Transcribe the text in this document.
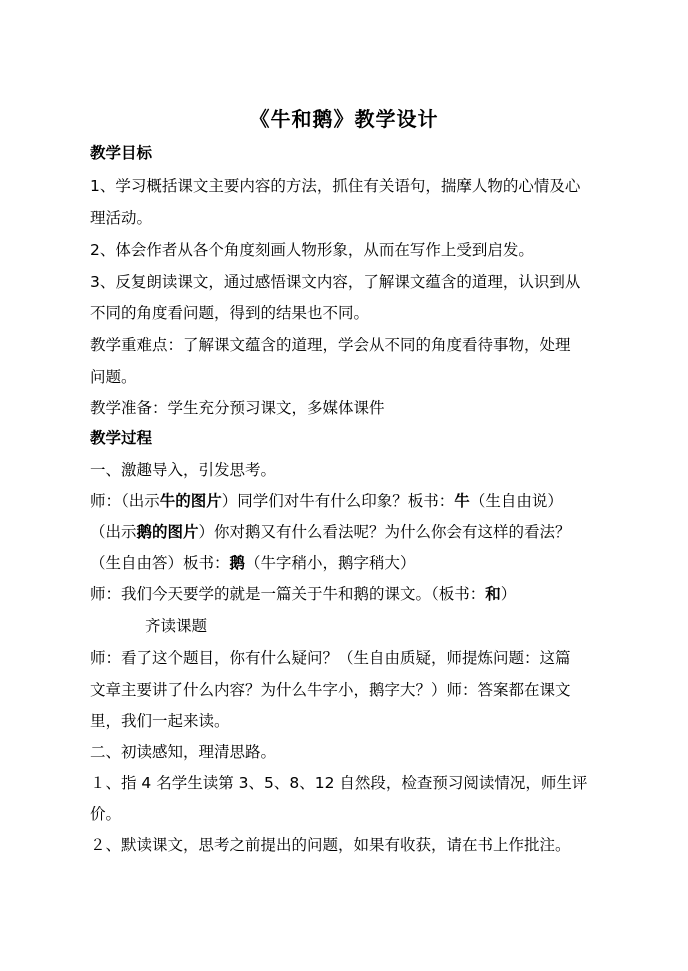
《牛和鹅》教学设计
教学目标
1、学习概括课文主要内容的方法，抓住有关语句，揣摩人物的心情及心
理活动。
2、体会作者从各个角度刻画人物形象，从而在写作上受到启发。
3、反复朗读课文，通过感悟课文内容，了解课文蕴含的道理，认识到从
不同的角度看问题，得到的结果也不同。
教学重难点：了解课文蕴含的道理，学会从不同的角度看待事物，处理
问题。
教学准备：学生充分预习课文，多媒体课件
教学过程
一、激趣导入，引发思考。
师：（出示牛的图片）同学们对牛有什么印象？板书：牛（生自由说）
（出示鹅的图片）你对鹅又有什么看法呢？为什么你会有这样的看法？
（生自由答）板书：鹅（牛字稍小，鹅字稍大）
师：我们今天要学的就是一篇关于牛和鹅的课文。（板书：和）
齐读课题
师：看了这个题目，你有什么疑问？（生自由质疑，师提炼问题：这篇
文章主要讲了什么内容？为什么牛字小，鹅字大？）师：答案都在课文
里，我们一起来读。
二、初读感知，理清思路。
１、指 4 名学生读第 3、5、8、12 自然段，检查预习阅读情况，师生评
价。
２、默读课文，思考之前提出的问题，如果有收获，请在书上作批注。
